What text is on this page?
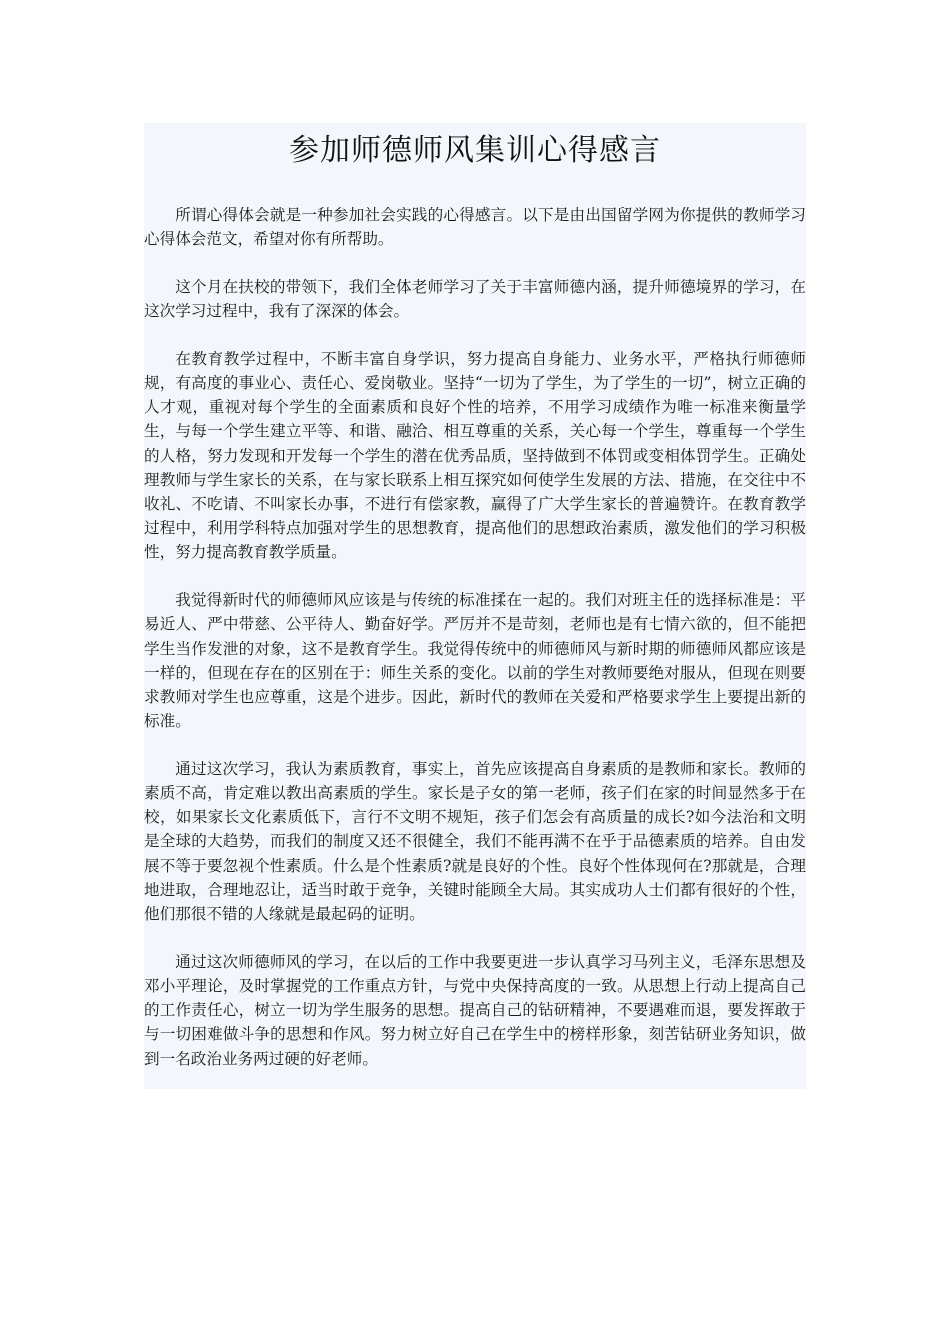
参加师德师风集训心得感言

所谓心得体会就是一种参加社会实践的心得感言。以下是由出国留学网为你提供的教师学习心得体会范文，希望对你有所帮助。

这个月在扶校的带领下，我们全体老师学习了关于丰富师德内涵，提升师德境界的学习，在这次学习过程中，我有了深深的体会。

在教育教学过程中，不断丰富自身学识，努力提高自身能力、业务水平，严格执行师德师规，有高度的事业心、责任心、爱岗敬业。坚持“一切为了学生，为了学生的一切”，树立正确的人才观，重视对每个学生的全面素质和良好个性的培养，不用学习成绩作为唯一标准来衡量学生，与每一个学生建立平等、和谐、融洽、相互尊重的关系，关心每一个学生，尊重每一个学生的人格，努力发现和开发每一个学生的潜在优秀品质，坚持做到不体罚或变相体罚学生。正确处理教师与学生家长的关系，在与家长联系上相互探究如何使学生发展的方法、措施，在交往中不收礼、不吃请、不叫家长办事，不进行有偿家教，赢得了广大学生家长的普遍赞许。在教育教学过程中，利用学科特点加强对学生的思想教育，提高他们的思想政治素质，激发他们的学习积极性，努力提高教育教学质量。

我觉得新时代的师德师风应该是与传统的标准揉在一起的。我们对班主任的选择标准是：平易近人、严中带慈、公平待人、勤奋好学。严厉并不是苛刻，老师也是有七情六欲的，但不能把学生当作发泄的对象，这不是教育学生。我觉得传统中的师德师风与新时期的师德师风都应该是一样的，但现在存在的区别在于：师生关系的变化。以前的学生对教师要绝对服从，但现在则要求教师对学生也应尊重，这是个进步。因此，新时代的教师在关爱和严格要求学生上要提出新的标准。

通过这次学习，我认为素质教育，事实上，首先应该提高自身素质的是教师和家长。教师的素质不高，肯定难以教出高素质的学生。家长是子女的第一老师，孩子们在家的时间显然多于在校，如果家长文化素质低下，言行不文明不规矩，孩子们怎会有高质量的成长?如今法治和文明是全球的大趋势，而我们的制度又还不很健全，我们不能再满不在乎于品德素质的培养。自由发展不等于要忽视个性素质。什么是个性素质?就是良好的个性。良好个性体现何在?那就是，合理地进取，合理地忍让，适当时敢于竞争，关键时能顾全大局。其实成功人士们都有很好的个性，他们那很不错的人缘就是最起码的证明。

通过这次师德师风的学习，在以后的工作中我要更进一步认真学习马列主义，毛泽东思想及邓小平理论，及时掌握党的工作重点方针，与党中央保持高度的一致。从思想上行动上提高自己的工作责任心，树立一切为学生服务的思想。提高自己的钻研精神，不要遇难而退，要发挥敢于与一切困难做斗争的思想和作风。努力树立好自己在学生中的榜样形象，刻苦钻研业务知识，做到一名政治业务两过硬的好老师。
